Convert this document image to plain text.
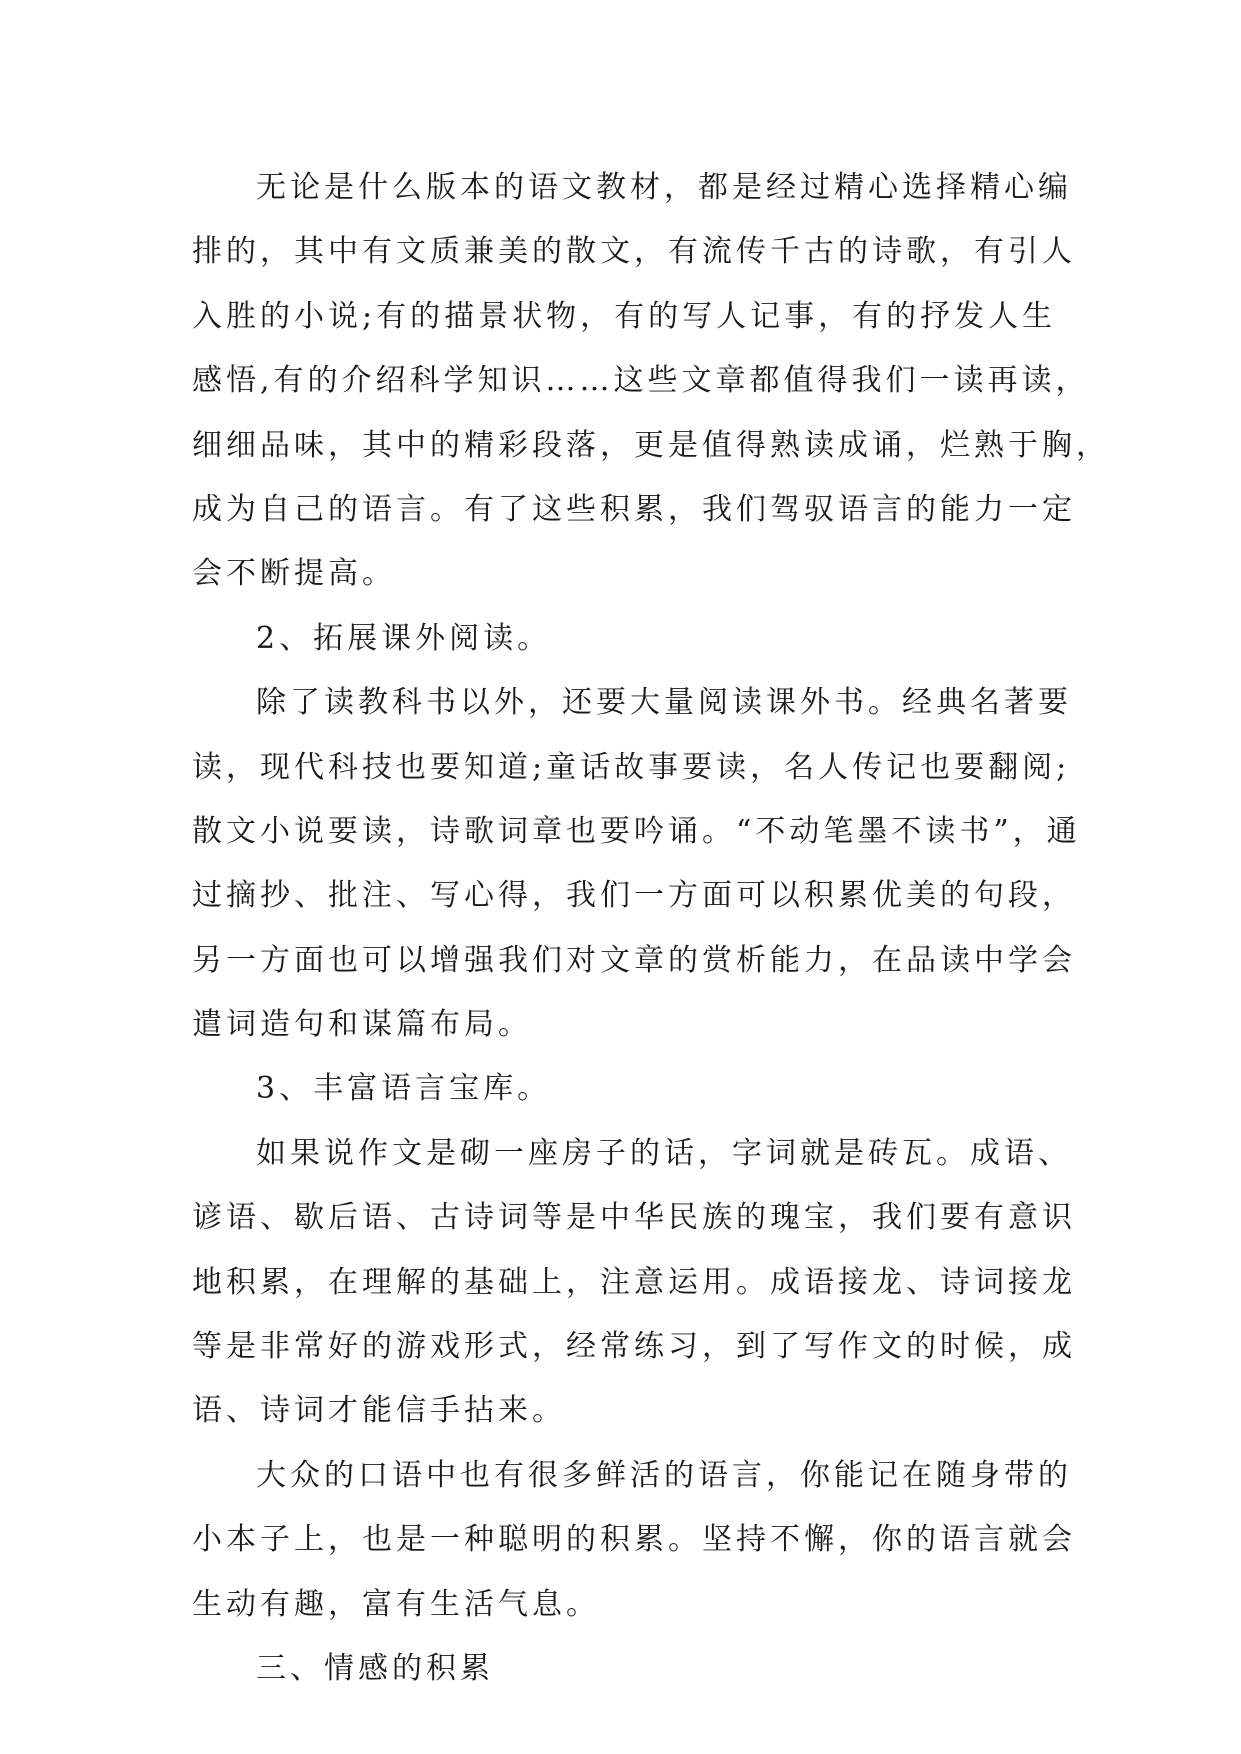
无论是什么版本的语文教材，都是经过精心选择精心编
排的，其中有文质兼美的散文，有流传千古的诗歌，有引人
入胜的小说;有的描景状物，有的写人记事，有的抒发人生
感悟,有的介绍科学知识……这些文章都值得我们一读再读，
细细品味，其中的精彩段落，更是值得熟读成诵，烂熟于胸，
成为自己的语言。有了这些积累，我们驾驭语言的能力一定
会不断提高。
2、拓展课外阅读。
除了读教科书以外，还要大量阅读课外书。经典名著要
读，现代科技也要知道;童话故事要读，名人传记也要翻阅;
散文小说要读，诗歌词章也要吟诵。“不动笔墨不读书”，通
过摘抄、批注、写心得，我们一方面可以积累优美的句段，
另一方面也可以增强我们对文章的赏析能力，在品读中学会
遣词造句和谋篇布局。
3、丰富语言宝库。
如果说作文是砌一座房子的话，字词就是砖瓦。成语、
谚语、歇后语、古诗词等是中华民族的瑰宝，我们要有意识
地积累，在理解的基础上，注意运用。成语接龙、诗词接龙
等是非常好的游戏形式，经常练习，到了写作文的时候，成
语、诗词才能信手拈来。
大众的口语中也有很多鲜活的语言，你能记在随身带的
小本子上，也是一种聪明的积累。坚持不懈，你的语言就会
生动有趣，富有生活气息。
三、情感的积累
